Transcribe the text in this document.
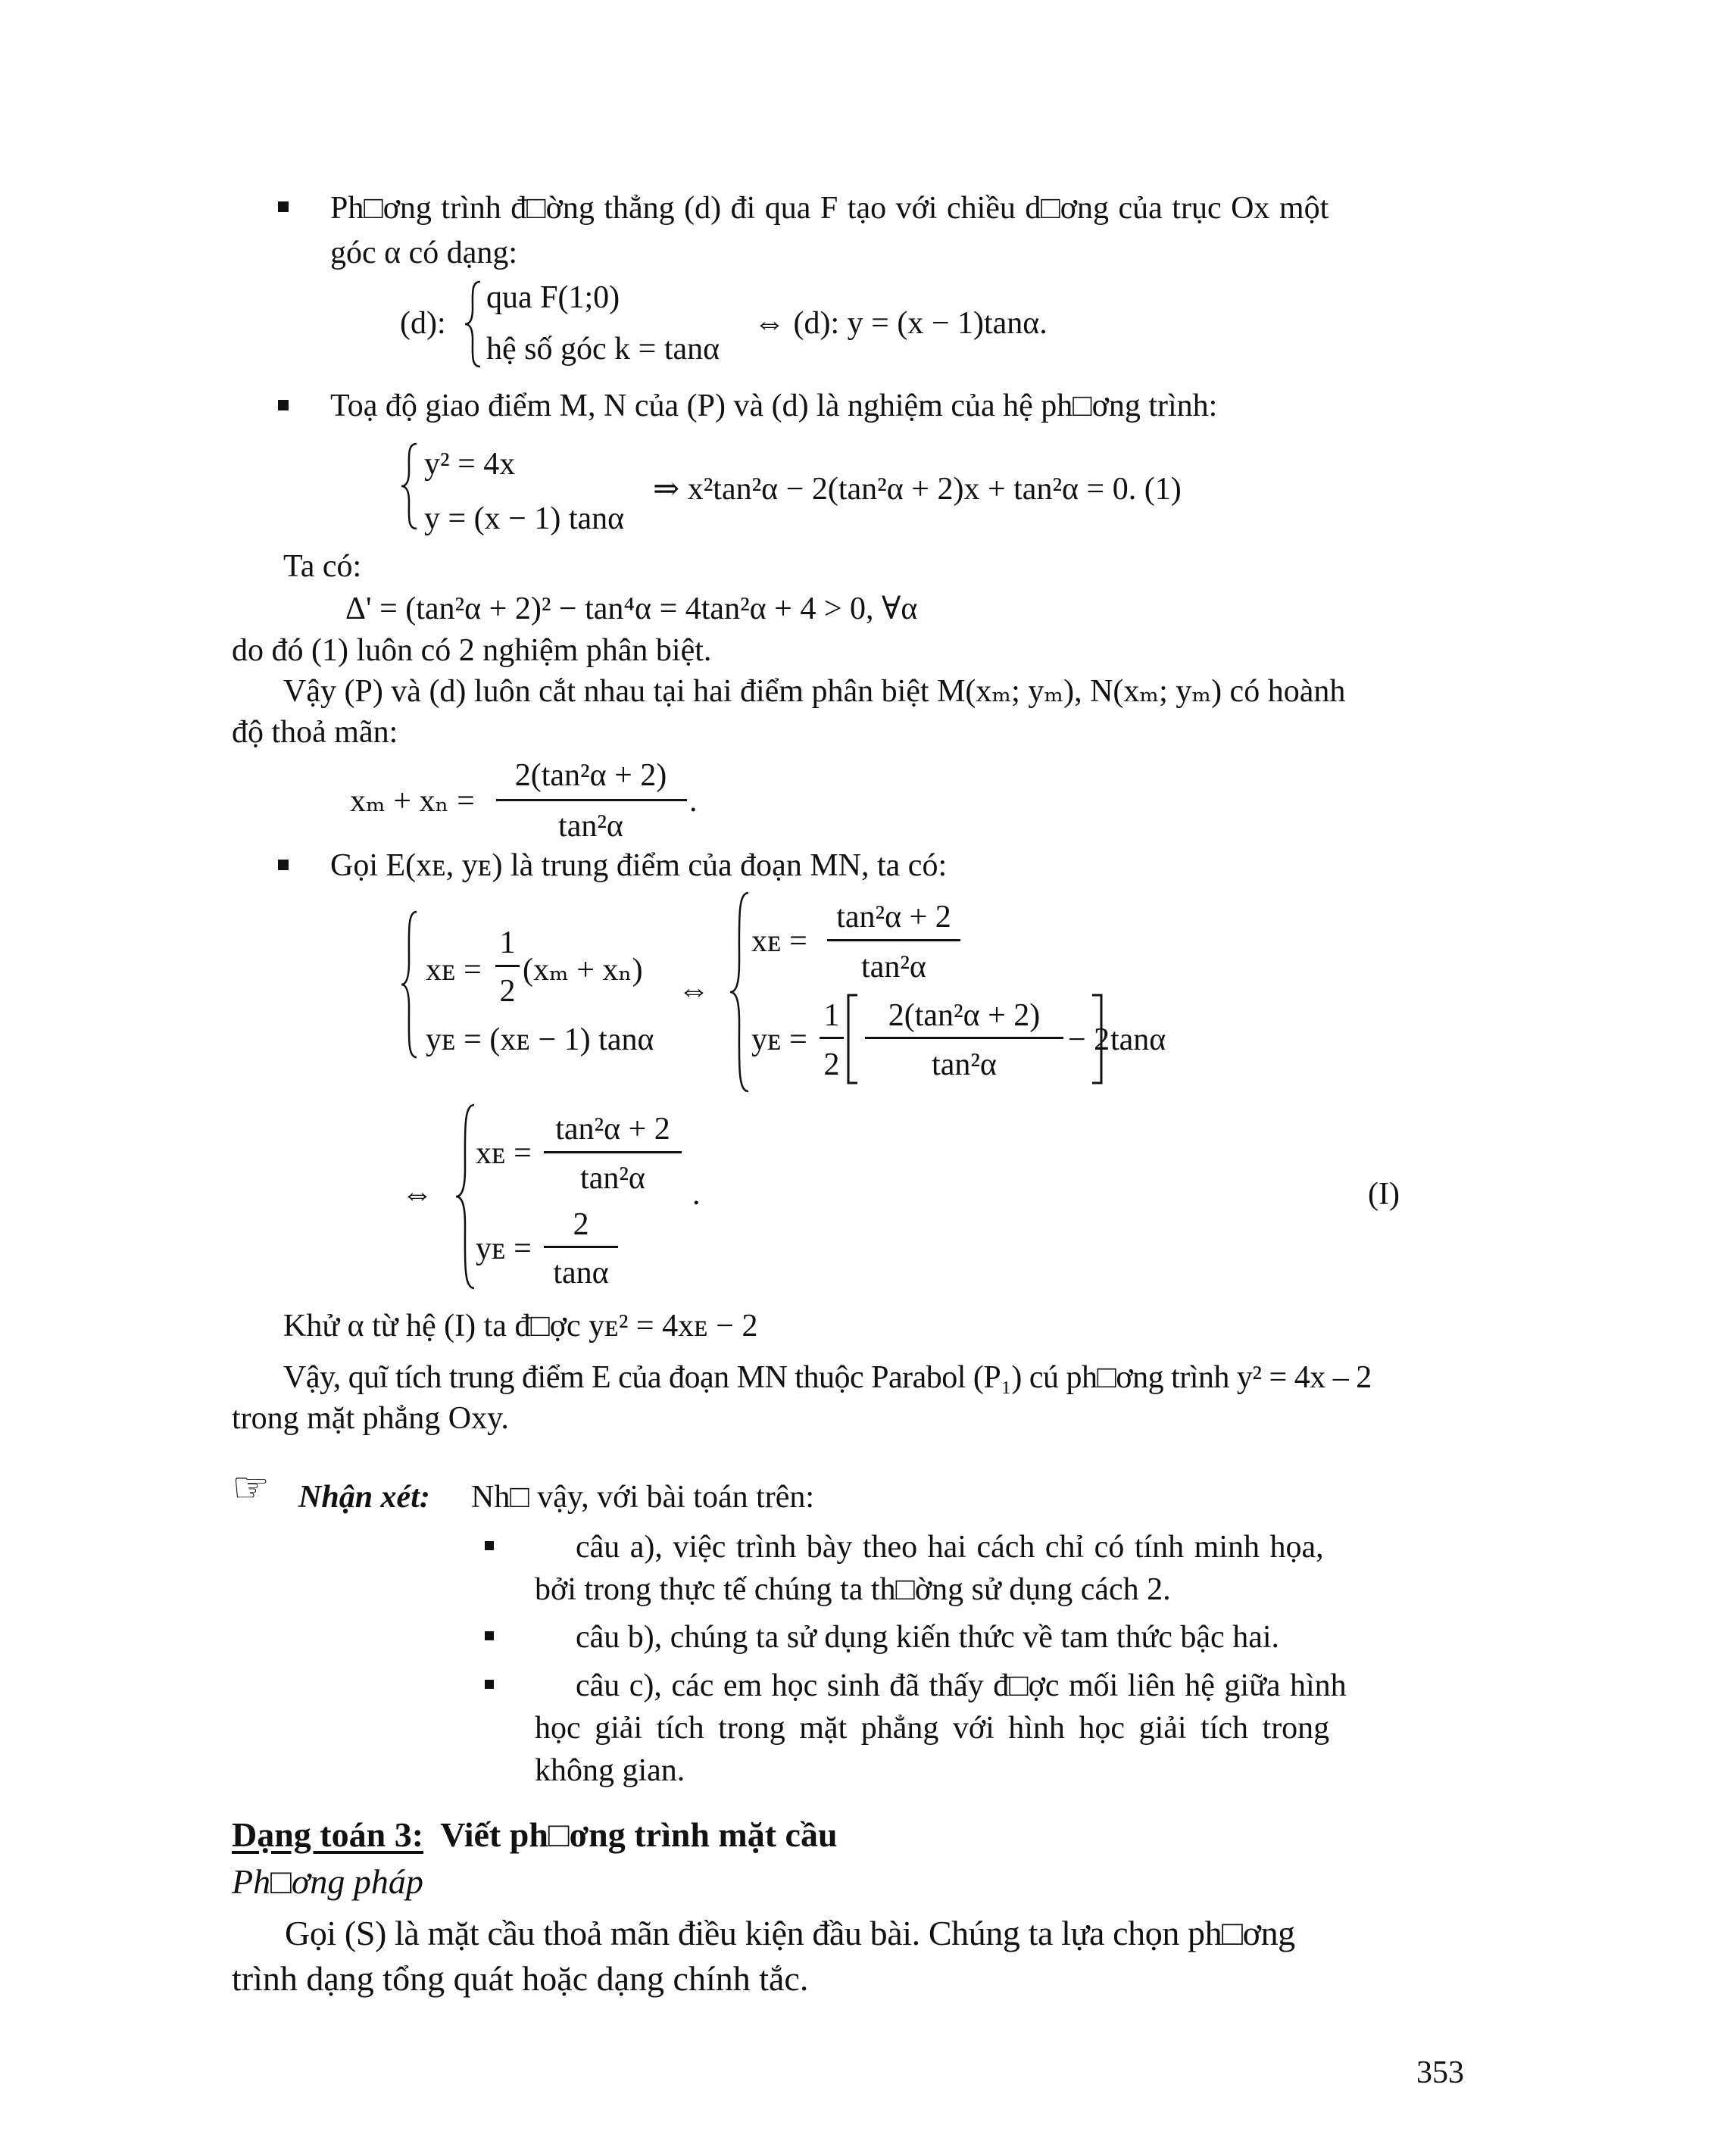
Ph□ơng trình đ□ờng thẳng (d) đi qua F tạo với chiều d□ơng của trục Ox một
góc α có dạng:
(d):
qua F(1;0)
hệ số góc k = tanα
⇔ (d): y = (x − 1)tanα.
Toạ độ giao điểm M, N của (P) và (d) là nghiệm của hệ ph□ơng trình:
y² = 4x
y = (x − 1) tanα
⇒ x²tan²α − 2(tan²α + 2)x + tan²α = 0. (1)
Ta có:
Δ' = (tan²α + 2)² − tan⁴α = 4tan²α + 4 > 0, ∀α
do đó (1) luôn có 2 nghiệm phân biệt.
Vậy (P) và (d) luôn cắt nhau tại hai điểm phân biệt M(xₘ; yₘ), N(xₘ; yₘ) có hoành
độ thoả mãn:
xₘ + xₙ =
2(tan²α + 2)
tan²α
.
Gọi E(xᴇ, yᴇ) là trung điểm của đoạn MN, ta có:
xᴇ =
1
2
(xₘ + xₙ)
yᴇ = (xᴇ − 1) tanα
⇔
xᴇ =
tan²α + 2
tan²α
yᴇ =
1
2
2(tan²α + 2)
tan²α
− 2 tanα
⇔
xᴇ =
tan²α + 2
tan²α
yᴇ =
2
tanα
.	(I)
Khử α từ hệ (I) ta đ□ợc yᴇ² = 4xᴇ − 2
Vậy, quĩ tích trung điểm E của đoạn MN thuộc Parabol (P₁) cú ph□ơng trình y² = 4x – 2
trong mặt phẳng Oxy.
☞ Nhận xét: Nh□ vậy, với bài toán trên:
câu a), việc trình bày theo hai cách chỉ có tính minh họa,
bởi trong thực tế chúng ta th□ờng sử dụng cách 2.
câu b), chúng ta sử dụng kiến thức về tam thức bậc hai.
câu c), các em học sinh đã thấy đ□ợc mối liên hệ giữa hình
học giải tích trong mặt phẳng với hình học giải tích trong
không gian.
Dạng toán 3: Viết ph□ơng trình mặt cầu
Ph□ơng pháp
Gọi (S) là mặt cầu thoả mãn điều kiện đầu bài. Chúng ta lựa chọn ph□ơng
trình dạng tổng quát hoặc dạng chính tắc.
353
